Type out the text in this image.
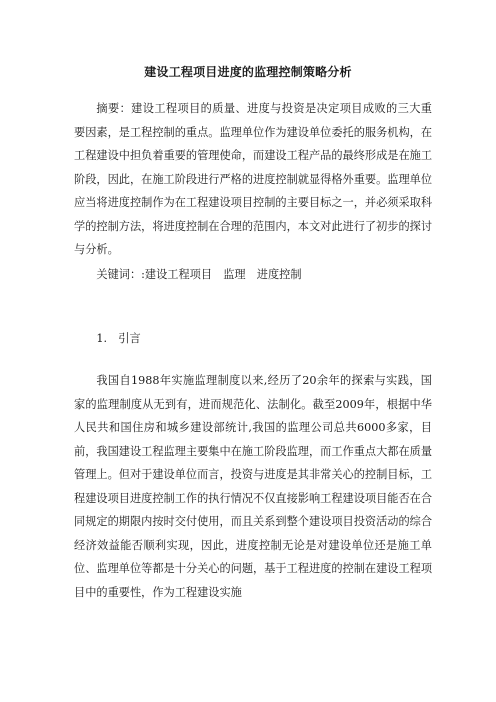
建设工程项目进度的监理控制策略分析

摘要：建设工程项目的质量、进度与投资是决定项目成败的三大重要因素，是工程控制的重点。监理单位作为建设单位委托的服务机构，在工程建设中担负着重要的管理使命，而建设工程产品的最终形成是在施工阶段，因此，在施工阶段进行严格的进度控制就显得格外重要。监理单位应当将进度控制作为在工程建设项目控制的主要目标之一，并必须采取科学的控制方法，将进度控制在合理的范围内，本文对此进行了初步的探讨与分析。

关键词：:建设工程项目　监理　进度控制

1.　引言

我国自1988年实施监理制度以来,经历了20余年的探索与实践，国家的监理制度从无到有，进而规范化、法制化。截至2009年，根据中华人民共和国住房和城乡建设部统计,我国的监理公司总共6000多家，目前，我国建设工程监理主要集中在施工阶段监理，而工作重点大都在质量管理上。但对于建设单位而言，投资与进度是其非常关心的控制目标，工程建设项目进度控制工作的执行情况不仅直接影响工程建设项目能否在合同规定的期限内按时交付使用，而且关系到整个建设项目投资活动的综合经济效益能否顺利实现，因此，进度控制无论是对建设单位还是施工单位、监理单位等都是十分关心的问题，基于工程进度的控制在建设工程项目中的重要性，作为工程建设实施
